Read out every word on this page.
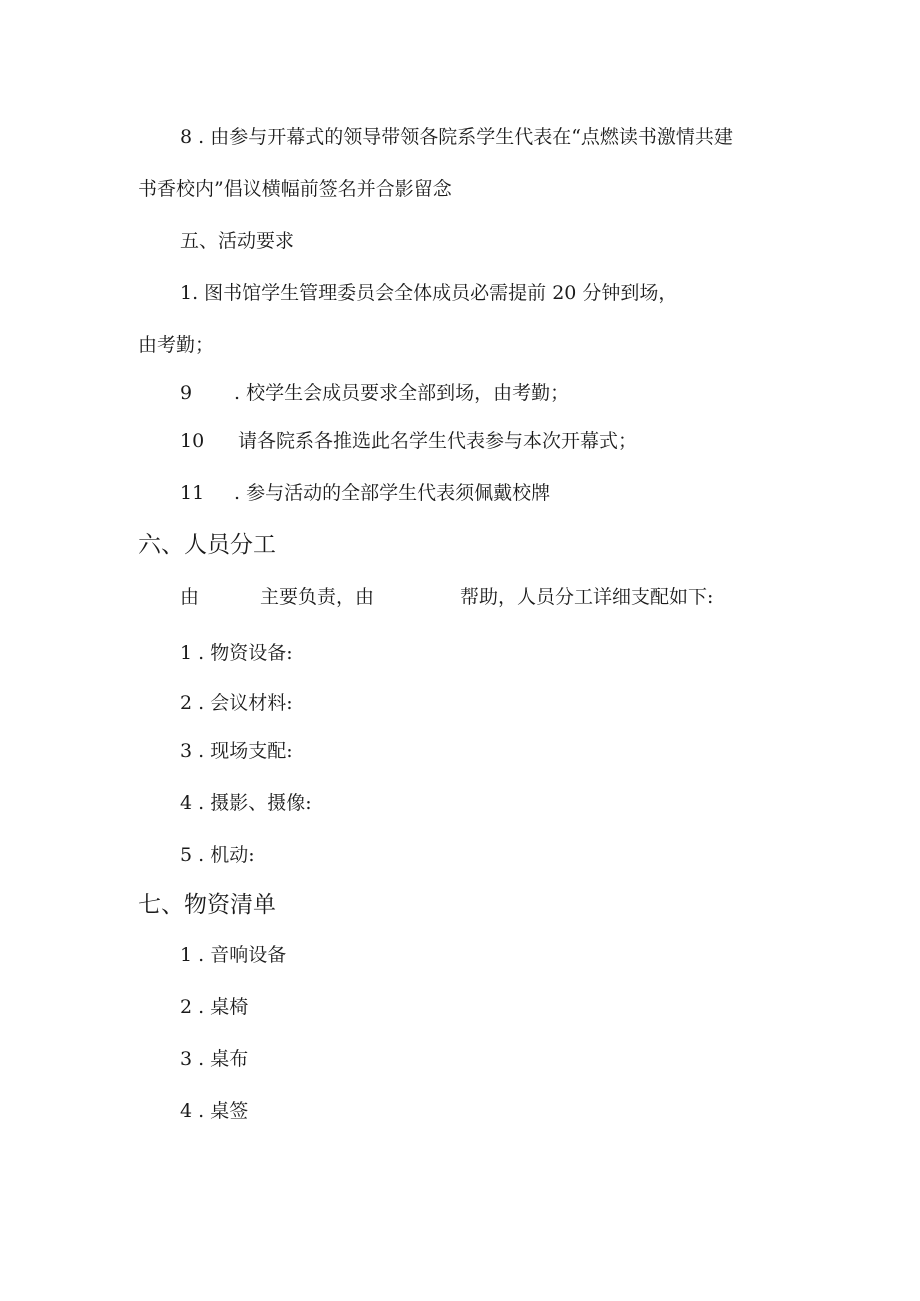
8 . 由参与开幕式的领导带领各院系学生代表在“点燃读书激情共建
书香校内”倡议横幅前签名并合影留念
五、活动要求
1. 图书馆学生管理委员会全体成员必需提前 20 分钟到场，
由考勤；
9 . 校学生会成员要求全部到场，由考勤；
10 请各院系各推选此名学生代表参与本次开幕式；
11 . 参与活动的全部学生代表须佩戴校牌
六、人员分工
由	主要负责，由	帮助，人员分工详细支配如下:
1 . 物资设备:
2 . 会议材料:
3 . 现场支配:
4 . 摄影、摄像:
5 . 机动:
七、物资清单
1 . 音响设备
2 . 桌椅
3 . 桌布
4 . 桌签
